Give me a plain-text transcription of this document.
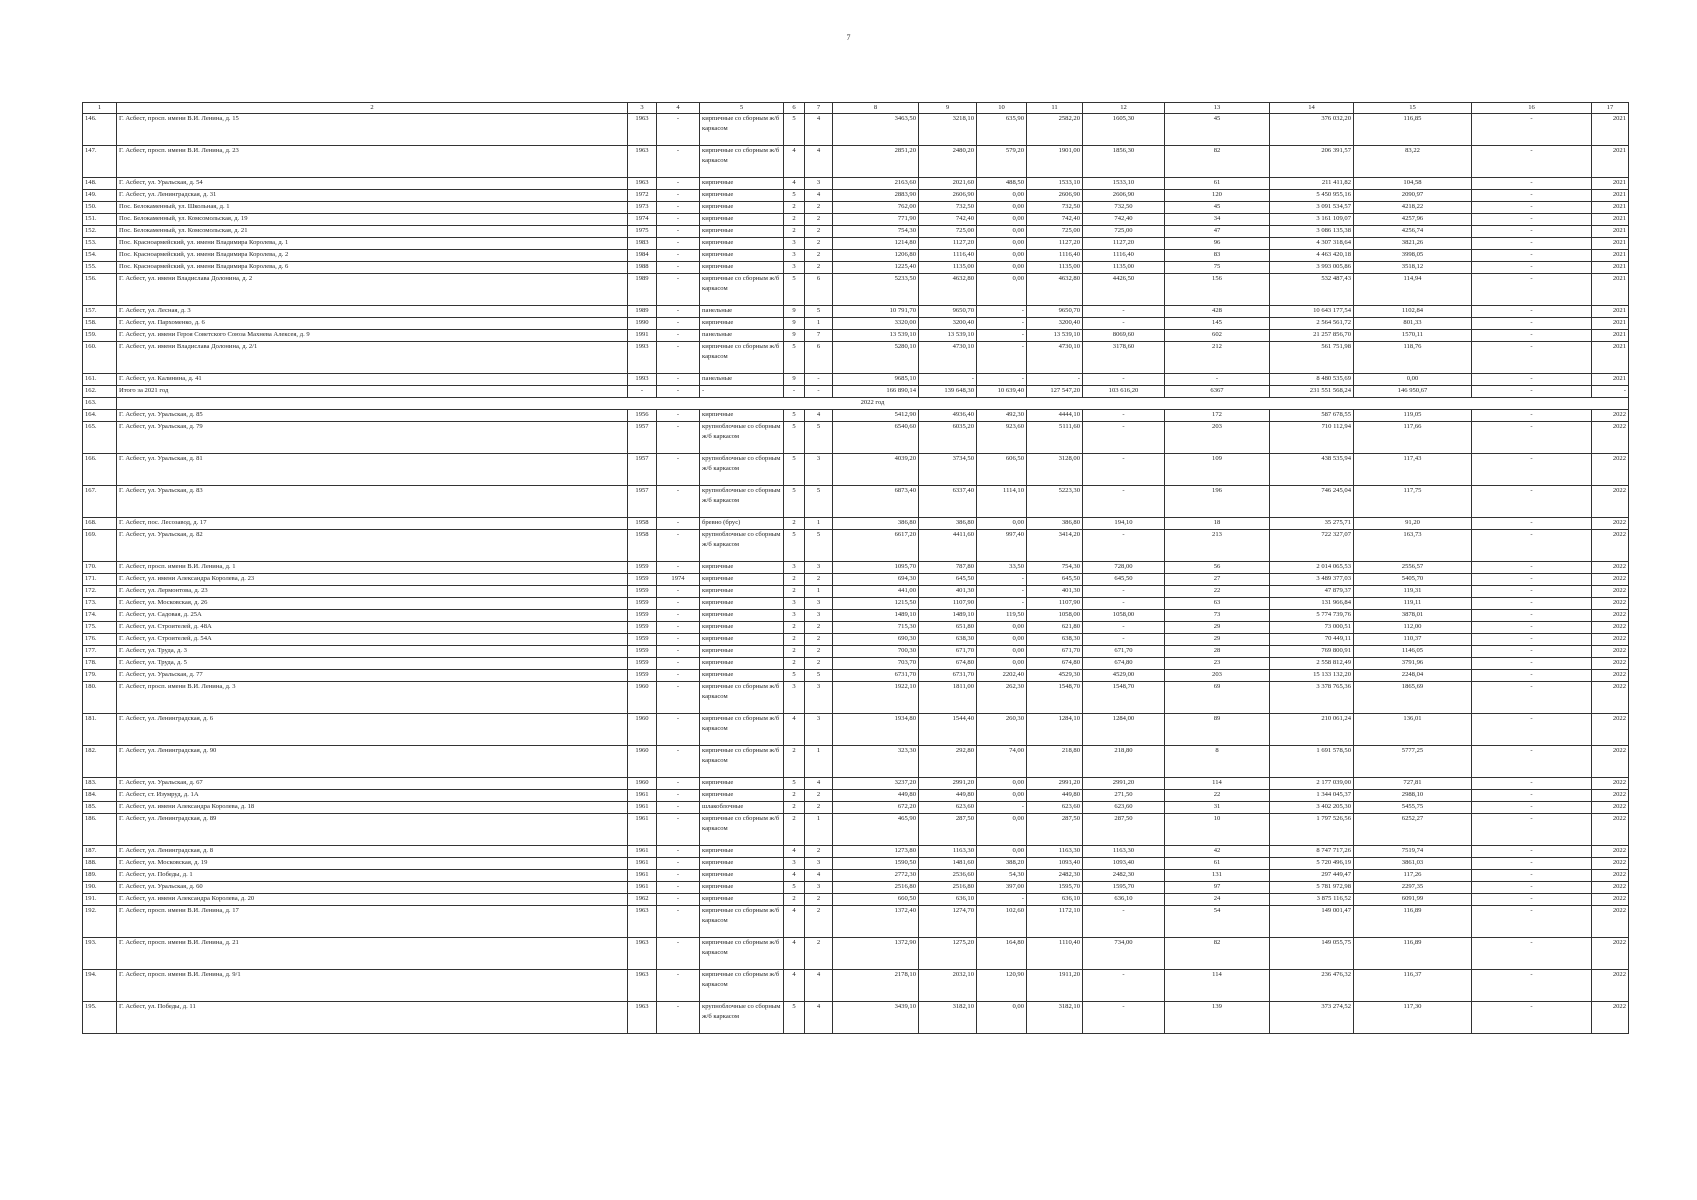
7
1	2	3	4	5	6	7	8	9	10	11	12	13	14	15	16	17
146.	Г. Асбест, просп. имени В.И. Ленина, д. 15	1963	-	кирпичные со сборным ж/б каркасом	5	4	3463,50	3218,10	635,90	2582,20	1605,30	45	376 032,20	116,85	-	2021
147.	Г. Асбест, просп. имени В.И. Ленина, д. 23	1963	-	кирпичные со сборным ж/б каркасом	4	4	2851,20	2480,20	579,20	1901,00	1856,30	82	206 391,57	83,22	-	2021
148.	Г. Асбест, ул. Уральская, д. 54	1963	-	кирпичные	4	3	2163,60	2021,60	488,50	1533,10	1533,10	61	211 411,82	104,58	-	2021
149.	Г. Асбест, ул. Ленинградская, д. 31	1972	-	кирпичные	5	4	2883,90	2606,90	0,00	2606,90	2606,90	120	5 450 955,16	2090,97	-	2021
150.	Пос. Белокаменный, ул. Школьная, д. 1	1973	-	кирпичные	2	2	762,00	732,50	0,00	732,50	732,50	45	3 091 534,57	4218,22	-	2021
151.	Пос. Белокаменный, ул. Комсомольская, д. 19	1974	-	кирпичные	2	2	771,90	742,40	0,00	742,40	742,40	34	3 161 109,07	4257,96	-	2021
152.	Пос. Белокаменный, ул. Комсомольская, д. 21	1975	-	кирпичные	2	2	754,30	725,00	0,00	725,00	725,00	47	3 086 135,38	4256,74	-	2021
153.	Пос. Красноармейский, ул. имени Владимира Королева, д. 1	1983	-	кирпичные	3	2	1214,80	1127,20	0,00	1127,20	1127,20	96	4 307 318,64	3821,26	-	2021
154.	Пос. Красноармейский, ул. имени Владимира Королева, д. 2	1984	-	кирпичные	3	2	1206,80	1116,40	0,00	1116,40	1116,40	83	4 463 420,18	3998,05	-	2021
155.	Пос. Красноармейский, ул. имени Владимира Королева, д. 6	1988	-	кирпичные	3	2	1225,40	1135,00	0,00	1135,00	1135,00	75	3 993 005,86	3518,12	-	2021
156.	Г. Асбест, ул. имени Владислава Долонина, д. 2	1989	-	кирпичные со сборным ж/б каркасом	5	6	5233,50	4632,80	0,00	4632,80	4426,50	156	532 487,43	114,94	-	2021
157.	Г. Асбест, ул. Лесная, д. 3	1989	-	панельные	9	5	10 791,70	9650,70	-	9650,70	-	428	10 643 177,54	1102,84	-	2021
158.	Г. Асбест, ул. Пархоменко, д. 6	1990	-	кирпичные	9	1	3320,00	3200,40	-	3200,40	-	145	2 564 561,72	801,33	-	2021
159.	Г. Асбест, ул. имени Героя Советского Союза Махнева Алексея, д. 9	1991	-	панельные	9	7	13 539,10	13 539,10	-	13 539,10	8069,60	602	21 257 856,70	1570,11	-	2021
160.	Г. Асбест, ул. имени Владислава Долонина, д. 2/1	1993	-	кирпичные со сборным ж/б каркасом	5	6	5280,10	4730,10	-	4730,10	3178,60	212	561 751,98	118,76	-	2021
161.	Г. Асбест, ул. Калинина, д. 41	1993	-	панельные	9	-	9685,10	-	-	-	-	-	8 480 535,69	0,00	-	2021
162.	Итого за 2021 год	-	-	-	-	-	166 890,14	139 648,30	10 639,40	127 547,20	103 616,20	6367	231 551 568,24	146 950,67	-	-
163.	2022 год															
164.	Г. Асбест, ул. Уральская, д. 85	1956	-	кирпичные	5	4	5412,90	4936,40	492,30	4444,10	-	172	587 678,55	119,05	-	2022
165.	Г. Асбест, ул. Уральская, д. 79	1957	-	крупноблочные со сборным ж/б каркасом	5	5	6540,60	6035,20	923,60	5111,60	-	203	710 112,94	117,66	-	2022
166.	Г. Асбест, ул. Уральская, д. 81	1957	-	крупноблочные со сборным ж/б каркасом	5	3	4039,20	3734,50	606,50	3128,00	-	109	438 535,94	117,43	-	2022
167.	Г. Асбест, ул. Уральская, д. 83	1957	-	крупноблочные со сборным ж/б каркасом	5	5	6873,40	6337,40	1114,10	5223,30	-	196	746 245,04	117,75	-	2022
168.	Г. Асбест, пос. Лесозавод, д. 17	1958	-	бревно (брус)	2	1	386,80	386,80	0,00	386,80	194,10	18	35 275,71	91,20	-	2022
169.	Г. Асбест, ул. Уральская, д. 82	1958	-	крупноблочные со сборным ж/б каркасом	5	5	6617,20	4411,60	997,40	3414,20	-	213	722 327,07	163,73	-	2022
170.	Г. Асбест, просп. имени В.И. Ленина, д. 1	1959	-	кирпичные	3	3	1095,70	787,80	33,50	754,30	728,00	56	2 014 065,53	2556,57	-	2022
171.	Г. Асбест, ул. имени Александра Королева, д. 23	1959	1974	кирпичные	2	2	694,30	645,50	-	645,50	645,50	27	3 489 377,03	5405,70	-	2022
172.	Г. Асбест, ул. Лермонтова, д. 23	1959	-	кирпичные	2	1	441,00	401,30	-	401,30	-	22	47 879,37	119,31	-	2022
173.	Г. Асбест, ул. Московская, д. 26	1959	-	кирпичные	3	3	1215,50	1107,90	-	1107,90	-	63	131 966,84	119,11	-	2022
174.	Г. Асбест, ул. Садовая, д. 25А	1959	-	кирпичные	3	3	1489,10	1489,10	119,50	1058,00	1058,00	73	5 774 739,76	3878,01	-	2022
175.	Г. Асбест, ул. Строителей, д. 48А	1959	-	кирпичные	2	2	715,30	651,80	0,00	621,80	-	29	73 000,51	112,00	-	2022
176.	Г. Асбест, ул. Строителей, д. 54А	1959	-	кирпичные	2	2	690,30	638,30	0,00	638,30	-	29	70 449,11	110,37	-	2022
177.	Г. Асбест, ул. Труда, д. 3	1959	-	кирпичные	2	2	700,30	671,70	0,00	671,70	671,70	28	769 800,91	1146,05	-	2022
178.	Г. Асбест, ул. Труда, д. 5	1959	-	кирпичные	2	2	703,70	674,80	0,00	674,80	674,80	23	2 558 812,49	3791,96	-	2022
179.	Г. Асбест, ул. Уральская, д. 77	1959	-	кирпичные	5	5	6731,70	6731,70	2202,40	4529,30	4529,00	203	15 133 132,20	2248,04	-	2022
180.	Г. Асбест, просп. имени В.И. Ленина, д. 3	1960	-	кирпичные со сборным ж/б каркасом	3	3	1922,10	1811,00	262,30	1548,70	1548,70	69	3 378 765,36	1865,69	-	2022
181.	Г. Асбест, ул. Ленинградская, д. 6	1960	-	кирпичные со сборным ж/б каркасом	4	3	1934,80	1544,40	260,30	1284,10	1284,00	89	210 061,24	136,01	-	2022
182.	Г. Асбест, ул. Ленинградская, д. 90	1960	-	кирпичные со сборным ж/б каркасом	2	1	323,30	292,80	74,00	218,80	218,80	8	1 691 578,50	5777,25	-	2022
183.	Г. Асбест, ул. Уральская, д. 67	1960	-	кирпичные	5	4	3237,20	2991,20	0,00	2991,20	2991,20	114	2 177 039,00	727,81	-	2022
184.	Г. Асбест, ст. Изумруд, д. 1А	1961	-	кирпичные	2	2	449,80	449,80	0,00	449,80	271,50	22	1 344 045,37	2988,10	-	2022
185.	Г. Асбест, ул. имени Александра Королева, д. 18	1961	-	шлакоблочные	2	2	672,20	623,60	-	623,60	623,60	31	3 402 205,30	5455,75	-	2022
186.	Г. Асбест, ул. Ленинградская, д. 89	1961	-	кирпичные со сборным ж/б каркасом	2	1	465,90	287,50	0,00	287,50	287,50	10	1 797 526,56	6252,27	-	2022
187.	Г. Асбест, ул. Ленинградская, д. 8	1961	-	кирпичные	4	2	1273,80	1163,30	0,00	1163,30	1163,30	42	8 747 717,26	7519,74	-	2022
188.	Г. Асбест, ул. Московская, д. 19	1961	-	кирпичные	3	3	1590,50	1481,60	388,20	1093,40	1093,40	61	5 720 496,19	3861,03	-	2022
189.	Г. Асбест, ул. Победы, д. 1	1961	-	кирпичные	4	4	2772,30	2536,60	54,30	2482,30	2482,30	131	297 449,47	117,26	-	2022
190.	Г. Асбест, ул. Уральская, д. 60	1961	-	кирпичные	5	3	2516,80	2516,80	397,00	1595,70	1595,70	97	5 781 972,98	2297,35	-	2022
191.	Г. Асбест, ул. имени Александра Королева, д. 20	1962	-	кирпичные	2	2	660,50	636,10	-	636,10	636,10	24	3 875 116,52	6091,99	-	2022
192.	Г. Асбест, просп. имени В.И. Ленина, д. 17	1963	-	кирпичные со сборным ж/б каркасом	4	2	1372,40	1274,70	102,60	1172,10	-	54	149 001,47	116,89	-	2022
193.	Г. Асбест, просп. имени В.И. Ленина, д. 21	1963	-	кирпичные со сборным ж/б каркасом	4	2	1372,90	1275,20	164,80	1110,40	734,00	82	149 055,75	116,89	-	2022
194.	Г. Асбест, просп. имени В.И. Ленина, д. 9/1	1963	-	кирпичные со сборным ж/б каркасом	4	4	2178,10	2032,10	120,90	1911,20	-	114	236 476,32	116,37	-	2022
195.	Г. Асбест, ул. Победы, д. 11	1963	-	крупноблочные со сборным ж/б каркасом	5	4	3439,10	3182,10	0,00	3182,10	-	139	373 274,52	117,30	-	2022
